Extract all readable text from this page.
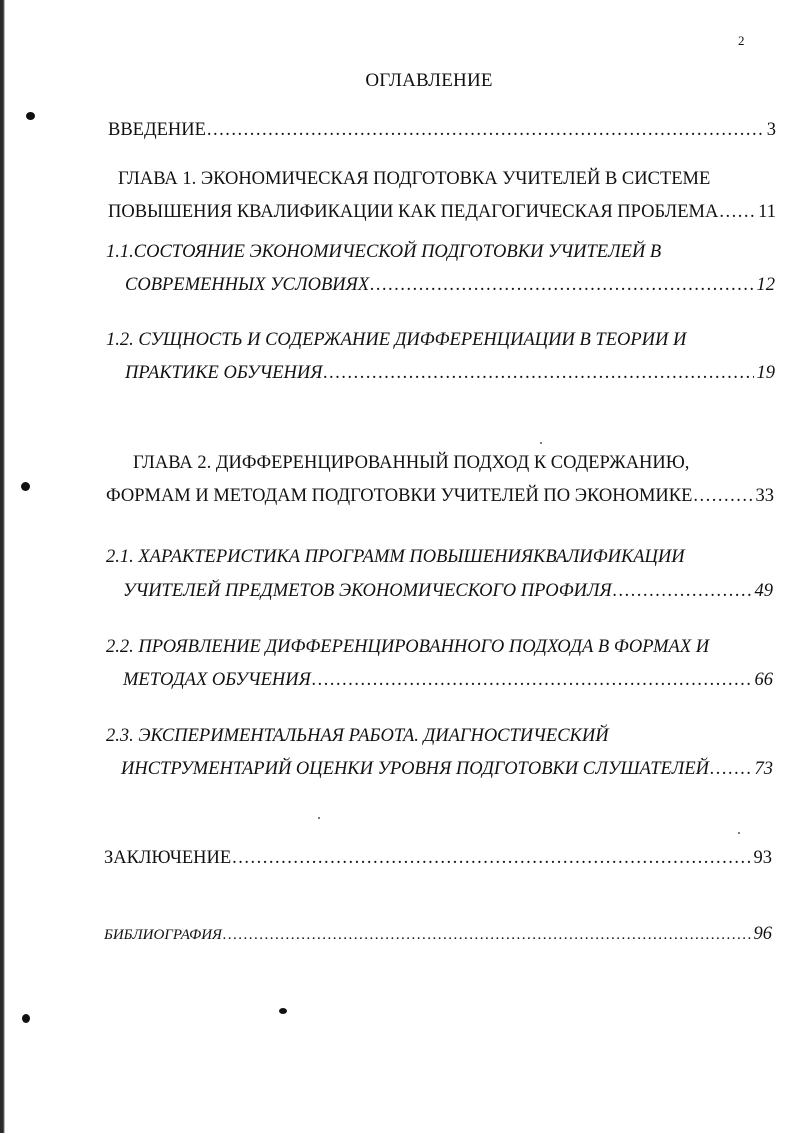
2
ОГЛАВЛЕНИЕ
ВВЕДЕНИЕ .....	3
ГЛАВА 1. ЭКОНОМИЧЕСКАЯ ПОДГОТОВКА УЧИТЕЛЕЙ В СИСТЕМЕ
ПОВЫШЕНИЯ КВАЛИФИКАЦИИ КАК ПЕДАГОГИЧЕСКАЯ ПРОБЛЕМА ..... 11
1.1.СОСТОЯНИЕ ЭКОНОМИЧЕСКОЙ ПОДГОТОВКИ УЧИТЕЛЕЙ В
СОВРЕМЕННЫХ УСЛОВИЯХ .....	12
1.2. СУЩНОСТЬ И СОДЕРЖАНИЕ ДИФФЕРЕНЦИАЦИИ В ТЕОРИИ И
ПРАКТИКЕ ОБУЧЕНИЯ .....	19
ГЛАВА 2. ДИФФЕРЕНЦИРОВАННЫЙ ПОДХОД К СОДЕРЖАНИЮ,
ФОРМАМ И МЕТОДАМ ПОДГОТОВКИ УЧИТЕЛЕЙ ПО ЭКОНОМИКЕ .....	33
2.1. ХАРАКТЕРИСТИКА ПРОГРАММ ПОВЫШЕНИЯКВАЛИФИКАЦИИ
УЧИТЕЛЕЙ ПРЕДМЕТОВ ЭКОНОМИЧЕСКОГО ПРОФИЛЯ .....	49
2.2. ПРОЯВЛЕНИЕ ДИФФЕРЕНЦИРОВАННОГО ПОДХОДА В ФОРМАХ И
МЕТОДАХ ОБУЧЕНИЯ .....	66
2.3. ЭКСПЕРИМЕНТАЛЬНАЯ РАБОТА. ДИАГНОСТИЧЕСКИЙ
ИНСТРУМЕНТАРИЙ ОЦЕНКИ УРОВНЯ ПОДГОТОВКИ СЛУШАТЕЛЕЙ ..... 73
ЗАКЛЮЧЕНИЕ .....	93
БИБЛИОГРАФИЯ .....	96
